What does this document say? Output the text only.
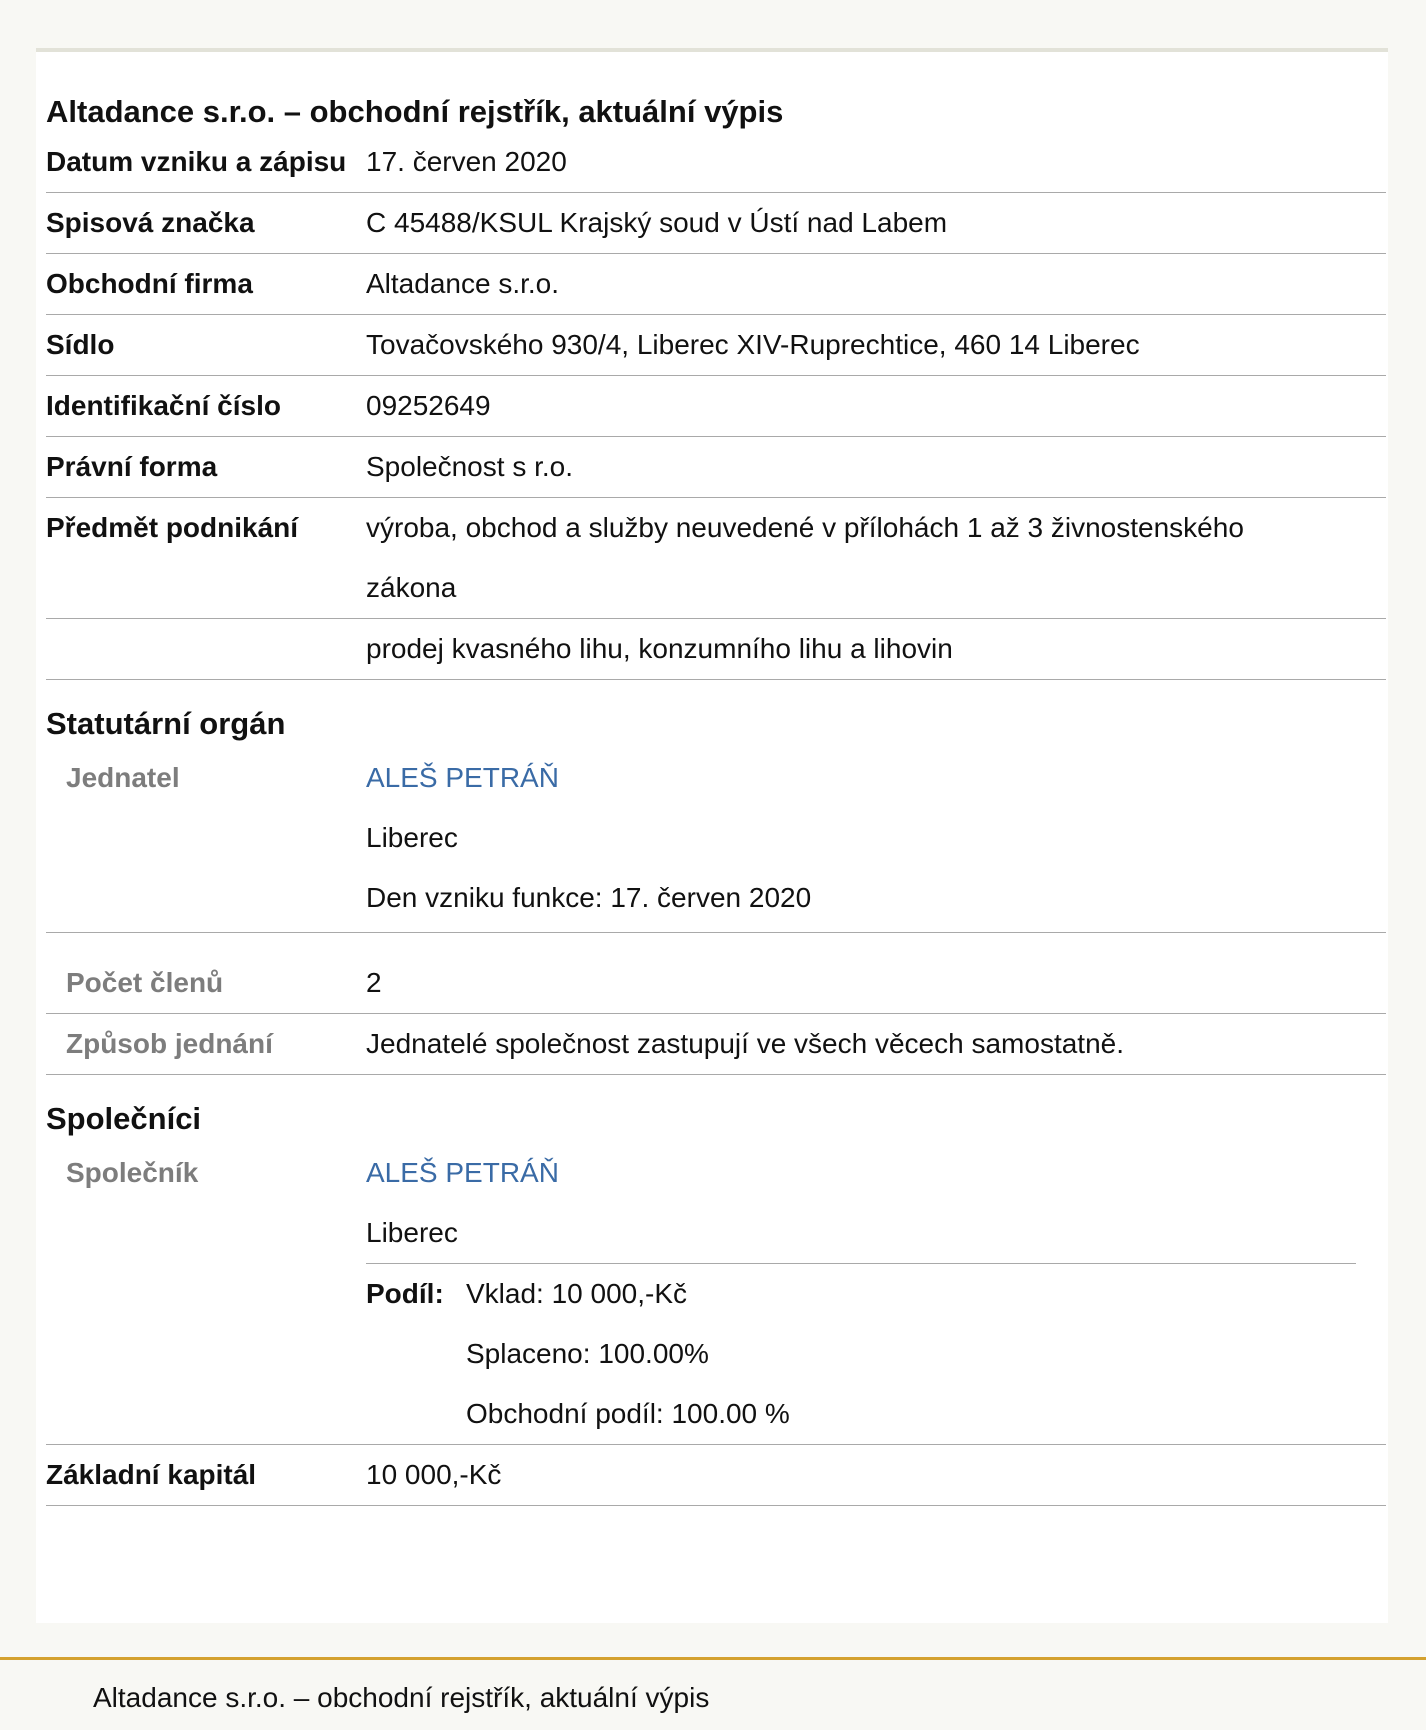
Altadance s.r.o. – obchodní rejstřík, aktuální výpis
Datum vzniku a zápisu 17. červen 2020
Spisová značka	C 45488/KSUL Krajský soud v Ústí nad Labem
Obchodní firma	Altadance s.r.o.
Sídlo	Tovačovského 930/4, Liberec XIV-Ruprechtice, 460 14 Liberec
Identifikační číslo	09252649
Právní forma	Společnost s r.o.
Předmět podnikání	výroba, obchod a služby neuvedené v přílohách 1 až 3 živnostenského zákona
prodej kvasného lihu, konzumního lihu a lihovin
Statutární orgán
Jednatel	ALEŠ PETRÁŇ
Liberec
Den vzniku funkce: 17. červen 2020
Počet členů	2
Způsob jednání	Jednatelé společnost zastupují ve všech věcech samostatně.
Společníci
Společník	ALEŠ PETRÁŇ
Liberec
Podíl: Vklad: 10 000,-Kč
Splaceno: 100.00%
Obchodní podíl: 100.00 %
Základní kapitál	10 000,-Kč
Altadance s.r.o. – obchodní rejstřík, aktuální výpis
